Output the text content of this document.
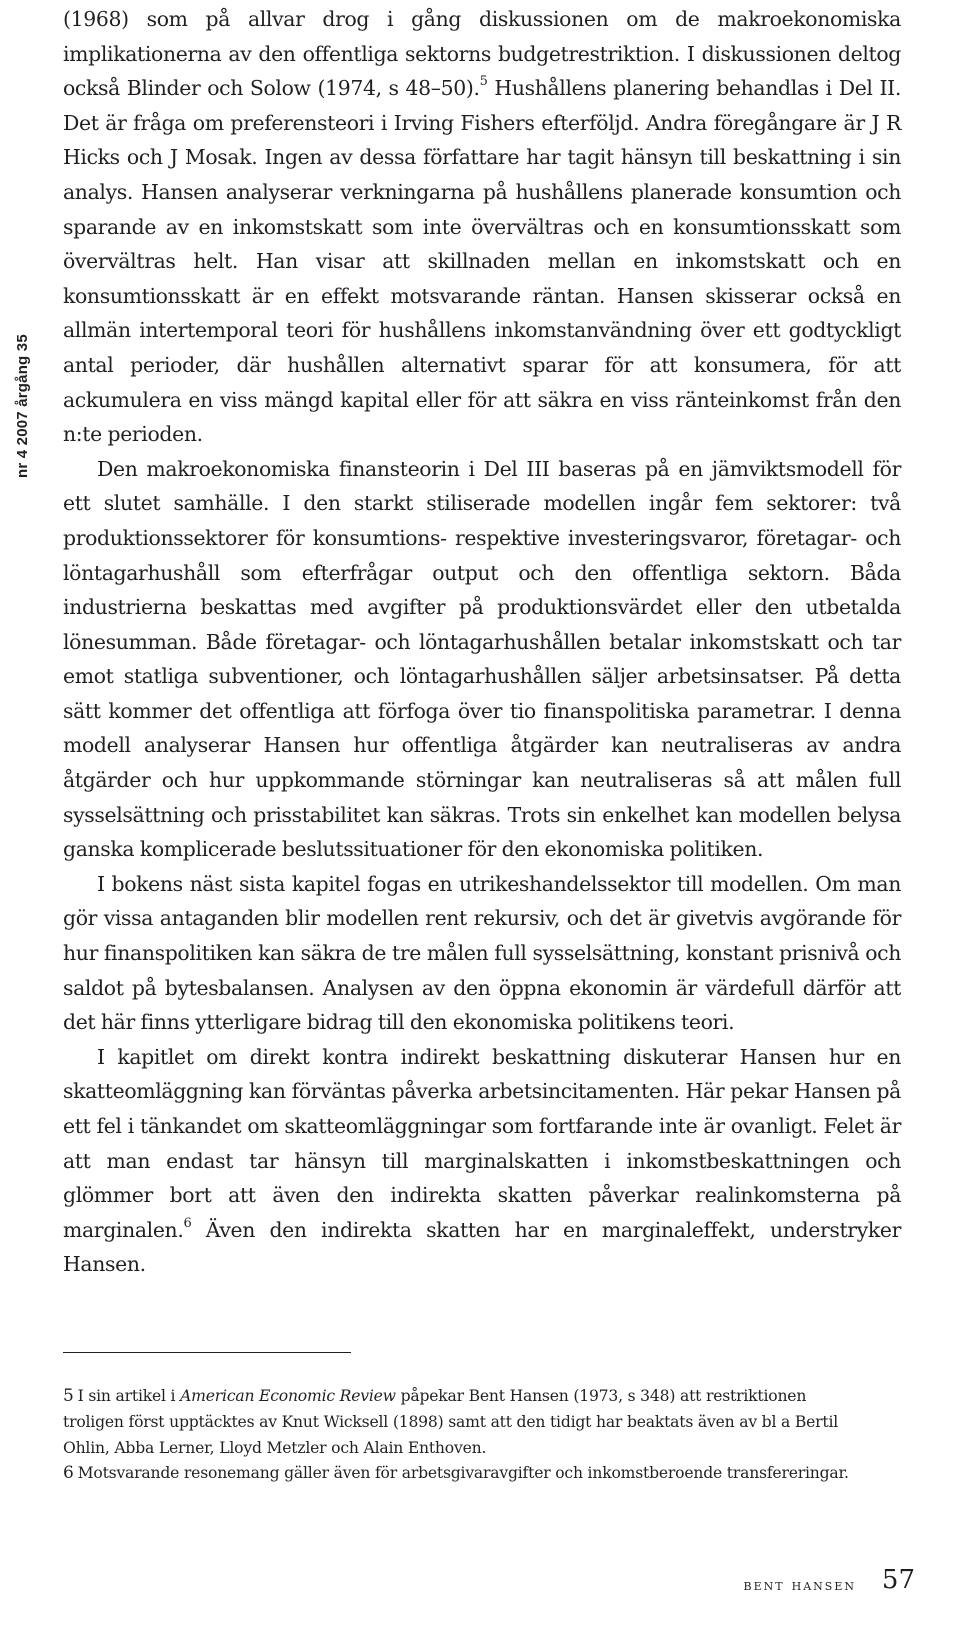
nr 4 2007 årgång 35

(1968) som på allvar drog i gång diskussionen om de makroekonomiska implikationerna av den offentliga sektorns budgetrestriktion. I diskussionen deltog också Blinder och Solow (1974, s 48–50).$^5$ Hushållens planering behandlas i Del II. Det är fråga om preferensteori i Irving Fishers efterföljd. Andra föregångare är J R Hicks och J Mosak. Ingen av dessa författare har tagit hänsyn till beskattning i sin analys. Hansen analyserar verkningarna på hushållens planerade konsumtion och sparande av en inkomstskatt som inte övervältras och en konsumtionsskatt som övervältras helt. Han visar att skillnaden mellan en inkomstskatt och en konsumtionsskatt är en effekt motsvarande räntan. Hansen skisserar också en allmän intertemporal teori för hushållens inkomstanvändning över ett godtyckligt antal perioder, där hushållen alternativt sparar för att konsumera, för att ackumulera en viss mängd kapital eller för att säkra en viss ränteinkomst från den n:te perioden.

Den makroekonomiska finansteorin i Del III baseras på en jämviktsmodell för ett slutet samhälle. I den starkt stiliserade modellen ingår fem sektorer: två produktionssektorer för konsumtions- respektive investeringsvaror, företagar- och löntagarhushåll som efterfrågar output och den offentliga sektorn. Båda industrierna beskattas med avgifter på produktionsvärdet eller den utbetalda lönesumman. Både företagar- och löntagarhushållen betalar inkomstskatt och tar emot statliga subventioner, och löntagarhushållen säljer arbetsinsatser. På detta sätt kommer det offentliga att förfoga över tio finanspolitiska parametrar. I denna modell analyserar Hansen hur offentliga åtgärder kan neutraliseras av andra åtgärder och hur uppkommande störningar kan neutraliseras så att målen full sysselsättning och prisstabilitet kan säkras. Trots sin enkelhet kan modellen belysa ganska komplicerade beslutssituationer för den ekonomiska politiken.

I bokens näst sista kapitel fogas en utrikeshandelssektor till modellen. Om man gör vissa antaganden blir modellen rent rekursiv, och det är givetvis avgörande för hur finanspolitiken kan säkra de tre målen full sysselsättning, konstant prisnivå och saldot på bytesbalansen. Analysen av den öppna ekonomin är värdefull därför att det här finns ytterligare bidrag till den ekonomiska politikens teori.

I kapitlet om direkt kontra indirekt beskattning diskuterar Hansen hur en skatteomläggning kan förväntas påverka arbetsincitamenten. Här pekar Hansen på ett fel i tänkandet om skatteomläggningar som fortfarande inte är ovanligt. Felet är att man endast tar hänsyn till marginalskatten i inkomstbeskattningen och glömmer bort att även den indirekta skatten påverkar realinkomsterna på marginalen.$^6$ Även den indirekta skatten har en marginaleffekt, understryker Hansen.

5 I sin artikel i American Economic Review påpekar Bent Hansen (1973, s 348) att restriktionen troligen först upptäcktes av Knut Wicksell (1898) samt att den tidigt har beaktats även av bl a Bertil Ohlin, Abba Lerner, Lloyd Metzler och Alain Enthoven.

6 Motsvarande resonemang gäller även för arbetsgivaravgifter och inkomstberoende transfereringar.

bent hansen 57
